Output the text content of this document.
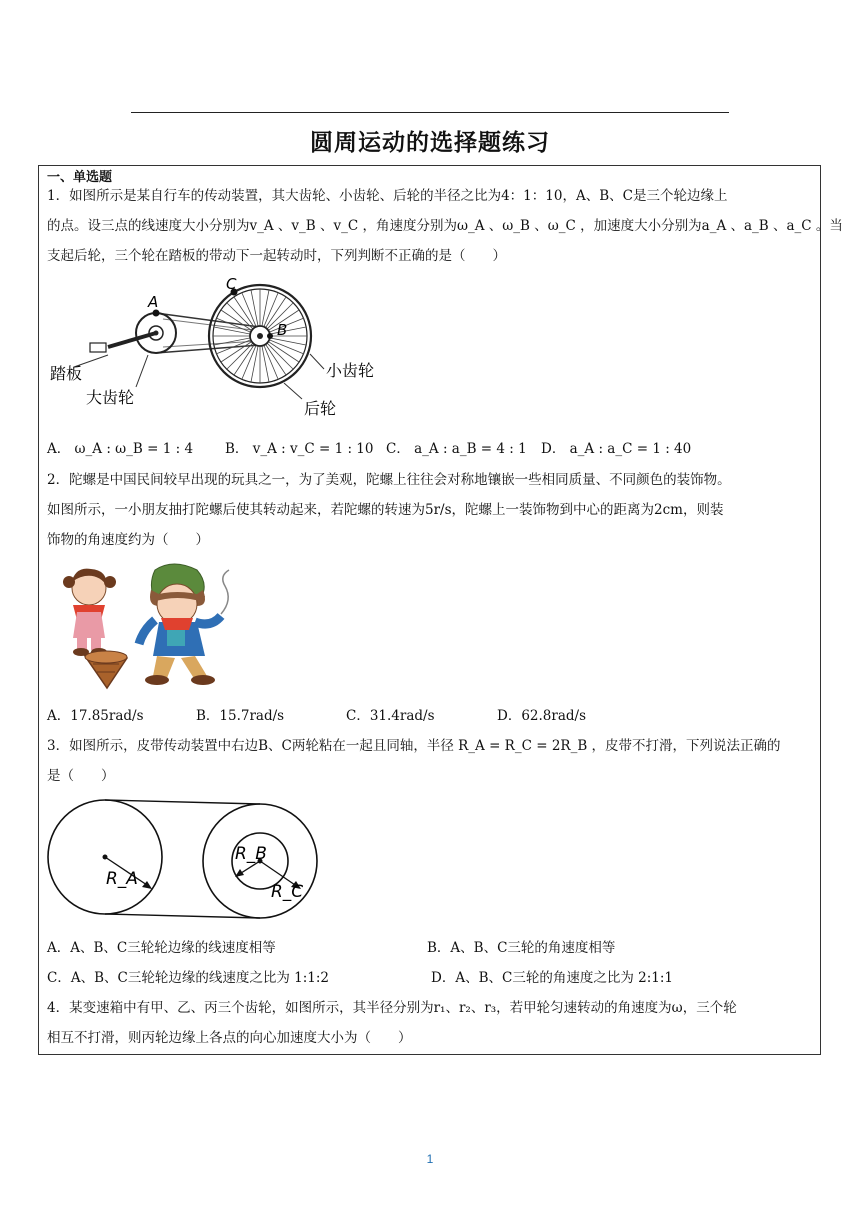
圆周运动的选择题练习
一、单选题
1．如图所示是某自行车的传动装置，其大齿轮、小齿轮、后轮的半径之比为4：1：10，A、B、C是三个轮边缘上
的点。设三点的线速度大小分别为v_A 、v_B 、v_C ，角速度分别为ω_A 、ω_B 、ω_C ，加速度大小分别为a_A 、a_B 、a_C 。当
支起后轮，三个轮在踏板的带动下一起转动时，下列判断不正确的是（　　）
A
B
C
踏板
大齿轮
小齿轮
后轮
A． ω_A : ω_B = 1 : 4 B． v_A : v_C = 1 : 10 C． a_A : a_B = 4 : 1 D． a_A : a_C = 1 : 40
2．陀螺是中国民间较早出现的玩具之一，为了美观，陀螺上往往会对称地镶嵌一些相同质量、不同颜色的装饰物。
如图所示，一小朋友抽打陀螺后使其转动起来，若陀螺的转速为5r/s，陀螺上一装饰物到中心的距离为2cm，则装
饰物的角速度约为（　　）
A．17.85rad/s	B．15.7rad/s	C．31.4rad/s	D．62.8rad/s
3．如图所示，皮带传动装置中右边B、C两轮粘在一起且同轴，半径 R_A = R_C = 2R_B ，皮带不打滑，下列说法正确的
是（　　）
R_A
R_B
R_C
A．A、B、C三轮轮边缘的线速度相等	B．A、B、C三轮的角速度相等
C．A、B、C三轮轮边缘的线速度之比为 1:1:2	D．A、B、C三轮的角速度之比为 2:1:1
4．某变速箱中有甲、乙、丙三个齿轮，如图所示，其半径分别为r₁、r₂、r₃，若甲轮匀速转动的角速度为ω，三个轮
相互不打滑，则丙轮边缘上各点的向心加速度大小为（　　）
1
